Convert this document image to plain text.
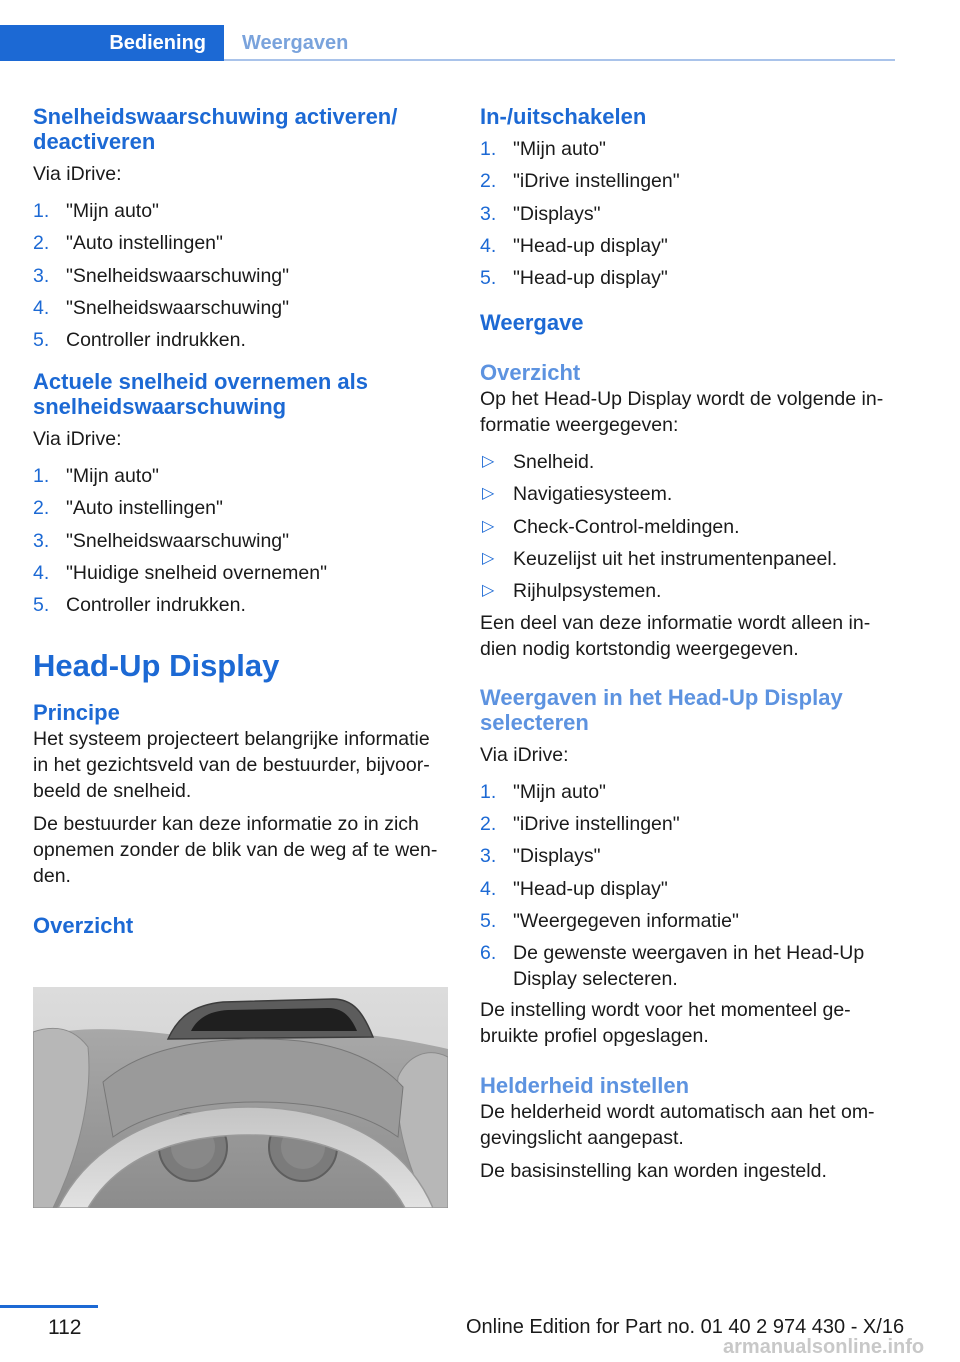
Bediening	Weergaven
Snelheidswaarschuwing activeren/
deactiveren

Via iDrive:

1. "Mijn auto"
2. "Auto instellingen"
3. "Snelheidswaarschuwing"
4. "Snelheidswaarschuwing"
5. Controller indrukken.
Actuele snelheid overnemen als
snelheidswaarschuwing

Via iDrive:

1. "Mijn auto"
2. "Auto instellingen"
3. "Snelheidswaarschuwing"
4. "Huidige snelheid overnemen"
5. Controller indrukken.
Head-Up Display
Principe

Het systeem projecteert belangrijke informatie
in het gezichtsveld van de bestuurder, bijvoor-
beeld de snelheid.

De bestuurder kan deze informatie zo in zich
opnemen zonder de blik van de weg af te wen-
den.

Overzicht
In-/uitschakelen
1. "Mijn auto"
2. "iDrive instellingen"
3. "Displays"
4. "Head-up display"
5. "Head-up display"
Weergave
Overzicht

Op het Head-Up Display wordt de volgende in-
formatie weergegeven:

▷ Snelheid.
▷ Navigatiesysteem.
▷ Check-Control-meldingen.
▷ Keuzelijst uit het instrumentenpaneel.
▷ Rijhulpsystemen.

Een deel van deze informatie wordt alleen in-
dien nodig kortstondig weergegeven.

Weergaven in het Head-Up Display
selecteren

Via iDrive:

1. "Mijn auto"
2. "iDrive instellingen"
3. "Displays"
4. "Head-up display"
5. "Weergegeven informatie"
6. De gewenste weergaven in het Head-Up
Display selecteren.

De instelling wordt voor het momenteel ge-
bruikte profiel opgeslagen.

Helderheid instellen

De helderheid wordt automatisch aan het om-
gevingslicht aangepast.

De basisinstelling kan worden ingesteld.

112	Online Edition for Part no. 01 40 2 974 430 - X/16
armanualsonline.info
